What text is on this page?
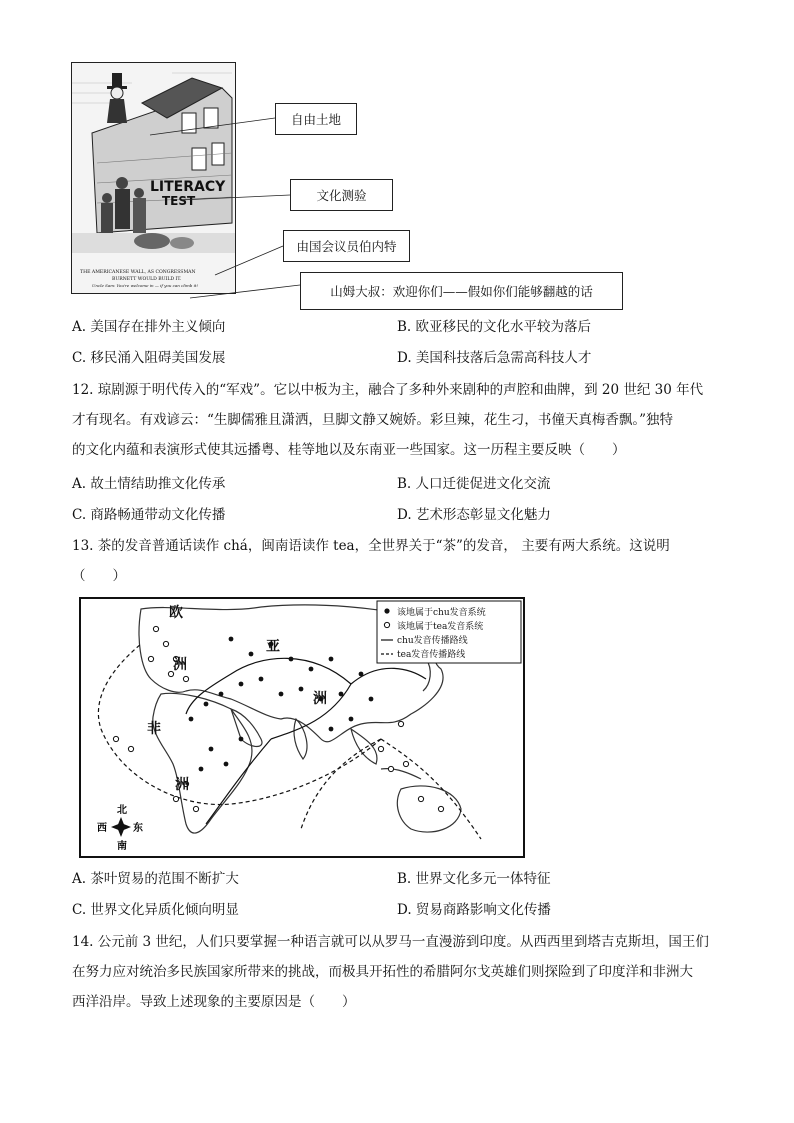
LITERACY
TEST
THE AMERICANESE WALL, AS CONGRESSMAN
BURNETT WOULD BUILD IT.
Uncle Sam: You're welcome in — if you can climb it!
自由土地
文化测验
由国会议员伯内特
山姆大叔：欢迎你们——假如你们能够翻越的话
A. 美国存在排外主义倾向	B. 欧亚移民的文化水平较为落后
C. 移民涌入阻碍美国发展	D. 美国科技落后急需高科技人才
12. 琼剧源于明代传入的“军戏”。它以中板为主，融合了多种外来剧种的声腔和曲牌，到 20 世纪 30 年代
才有现名。有戏谚云：“生脚儒雅且潇洒，旦脚文静又婉娇。彩旦辣，花生刁，书僮天真梅香飘。”独特
的文化内蕴和表演形式使其远播粤、桂等地以及东南亚一些国家。这一历程主要反映（　　）
A. 故土情结助推文化传承	B. 人口迁徙促进文化交流
C. 商路畅通带动文化传播	D. 艺术形态彰显文化魅力
13. 茶的发音普通话读作 chá，闽南语读作 tea，全世界关于“茶”的发音， 主要有两大系统。这说明
（　　）
欧
洲
亚
洲
非
洲
该地属于chu发音系统
该地属于tea发音系统
chu发音传播路线
tea发音传播路线
北
南
西	东
A. 茶叶贸易的范围不断扩大	B. 世界文化多元一体特征
C. 世界文化异质化倾向明显	D. 贸易商路影响文化传播
14. 公元前 3 世纪，人们只要掌握一种语言就可以从罗马一直漫游到印度。从西西里到塔吉克斯坦，国王们
在努力应对统治多民族国家所带来的挑战，而极具开拓性的希腊阿尔戈英雄们则探险到了印度洋和非洲大
西洋沿岸。导致上述现象的主要原因是（　　）
